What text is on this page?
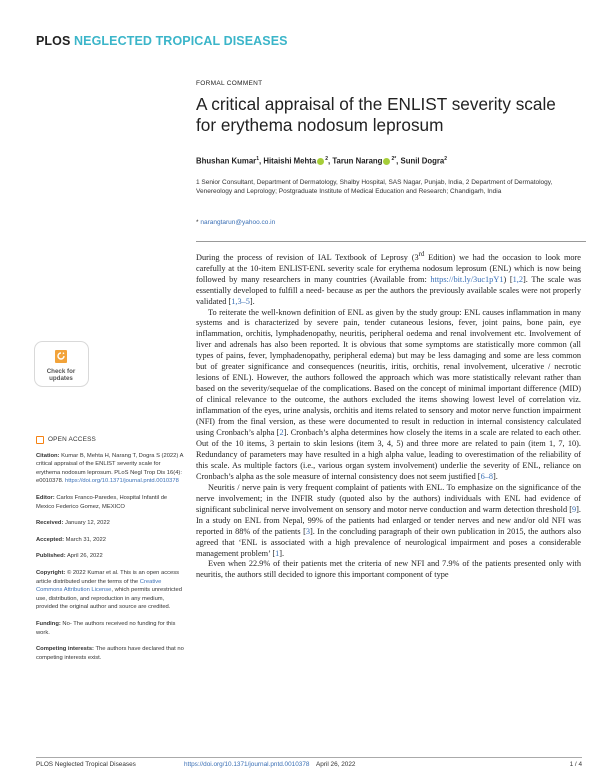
PLOS NEGLECTED TROPICAL DISEASES
FORMAL COMMENT
A critical appraisal of the ENLIST severity scale for erythema nodosum leprosum
Bhushan Kumar$^1$, Hitaishi Mehta $^2$, Tarun Narang $^{2*}$, Sunil Dogra$^2$
1 Senior Consultant, Department of Dermatology, Shalby Hospital, SAS Nagar, Punjab, India, 2 Department of Dermatology, Venereology and Leprology; Postgraduate Institute of Medical Education and Research; Chandigarh, India
* narangtarun@yahoo.co.in

Check for
updates
OPEN ACCESS
Citation: Kumar B, Mehta H, Narang T, Dogra S (2022) A critical appraisal of the ENLIST severity scale for erythema nodosum leprosum. PLoS Negl Trop Dis 16(4): e0010378. https://doi.org/10.1371/journal.pntd.0010378
Editor: Carlos Franco-Paredes, Hospital Infantil de Mexico Federico Gomez, MEXICO
Received: January 12, 2022
Accepted: March 31, 2022
Published: April 26, 2022
Copyright: © 2022 Kumar et al. This is an open access article distributed under the terms of the Creative Commons Attribution License, which permits unrestricted use, distribution, and reproduction in any medium, provided the original author and source are credited.
Funding: No- The authors received no funding for this work.
Competing interests: The authors have declared that no competing interests exist.

During the process of revision of IAL Textbook of Leprosy (3rd Edition) we had the occasion to look more carefully at the 10-item ENLIST-ENL severity scale for erythema nodosum leprosum (ENL) which is now being followed by many researchers in many countries (Available from: https://bit.ly/3uc1pY1) [1,2]. The scale was essentially developed to fulfill a need- because as per the authors the previously available scales were not properly validated [1,3–5].

To reiterate the well-known definition of ENL as given by the study group: ENL causes inflammation in many systems and is characterized by severe pain, tender cutaneous lesions, fever, joint pains, bone pain, eye inflammation, orchitis, lymphadenopathy, neuritis, peripheral oedema and renal involvement etc. Involvement of liver and adrenals has also been reported. It is obvious that some symptoms are statistically more common (all types of pains, fever, lymphadenopathy, peripheral edema) but may be less damaging and some are less common but of greater significance and consequences (neuritis, iritis, orchitis, renal involvement, ulcerative / necrotic lesions of ENL). However, the authors followed the approach which was more statistically relevant rather than based on the severity/sequelae of the complications. Based on the concept of minimal important difference (MID) of clinical relevance to the outcome, the authors excluded the items showing lowest level of correlation viz. inflammation of the eyes, urine analysis, orchitis and items related to sensory and motor nerve function impairment (NFI) from the final version, as these were documented to result in reduction in internal consistency calculated using Cronbach’s alpha [2]. Cronbach’s alpha determines how closely the items in a scale are related to each other. Out of the 10 items, 3 pertain to skin lesions (item 3, 4, 5) and three more are related to pain (item 1, 7, 10). Redundancy of parameters may have resulted in a high alpha value, leading to overestimation of the reliability of this scale. As multiple factors (i.e., various organ system involvement) underlie the severity of ENL, reliance on Cronbach’s alpha as the sole measure of internal consistency does not seem justified [6–8].

Neuritis / nerve pain is very frequent complaint of patients with ENL. To emphasize on the significance of the nerve involvement; in the INFIR study (quoted also by the authors) individuals with ENL had evidence of significant subclinical nerve involvement on sensory and motor nerve conduction and warm detection threshold [9]. In a study on ENL from Nepal, 99% of the patients had enlarged or tender nerves and new and/or old NFI was reported in 88% of the patients [3]. In the concluding paragraph of their own publication in 2015, the authors also agreed that ‘ENL is associated with a high prevalence of neurological impairment and poses a considerable management problem’ [1].

Even when 22.9% of their patients met the criteria of new NFI and 7.9% of the patients presented only with neuritis, the authors still decided to ignore this important component of type

PLOS Neglected Tropical Diseases	https://doi.org/10.1371/journal.pntd.0010378 April 26, 2022	1 / 4
